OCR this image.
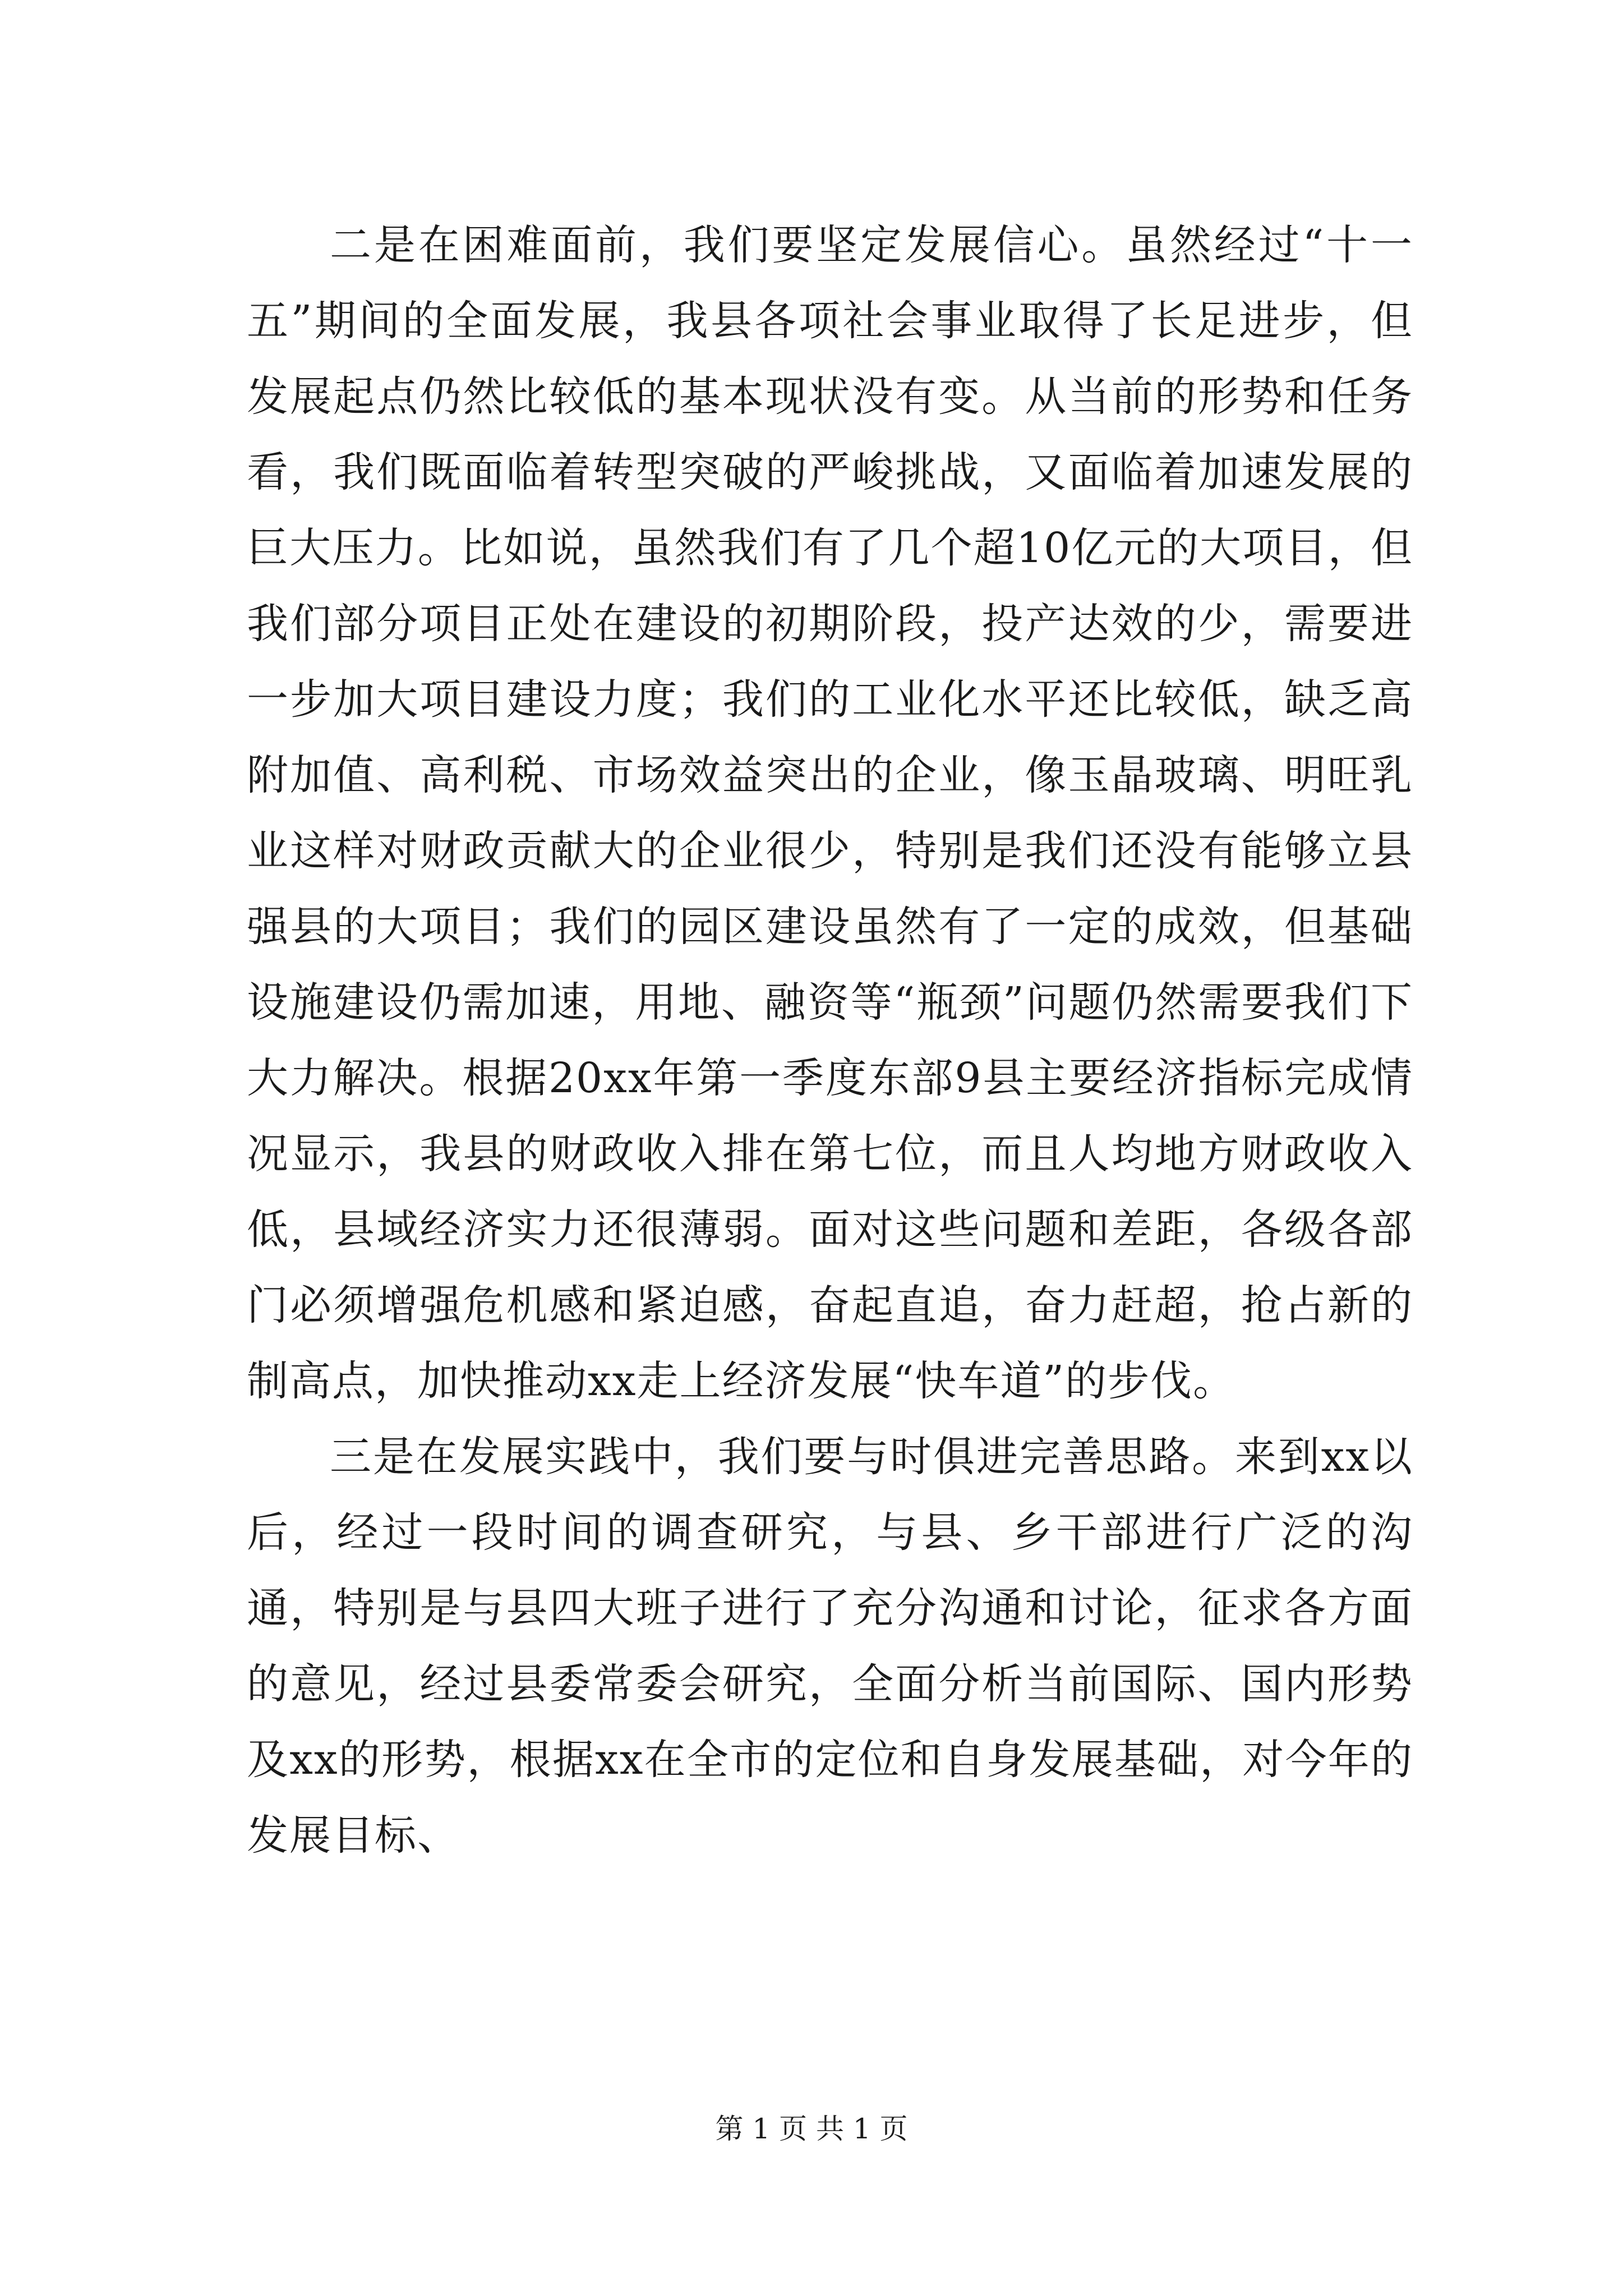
二是在困难面前，我们要坚定发展信心。虽然经过“十一五”期间的全面发展，我县各项社会事业取得了长足进步，但发展起点仍然比较低的基本现状没有变。从当前的形势和任务看，我们既面临着转型突破的严峻挑战，又面临着加速发展的巨大压力。比如说，虽然我们有了几个超10亿元的大项目，但我们部分项目正处在建设的初期阶段，投产达效的少，需要进一步加大项目建设力度；我们的工业化水平还比较低，缺乏高附加值、高利税、市场效益突出的企业，像玉晶玻璃、明旺乳业这样对财政贡献大的企业很少，特别是我们还没有能够立县强县的大项目；我们的园区建设虽然有了一定的成效，但基础设施建设仍需加速，用地、融资等“瓶颈”问题仍然需要我们下大力解决。根据20xx年第一季度东部9县主要经济指标完成情况显示，我县的财政收入排在第七位，而且人均地方财政收入低，县域经济实力还很薄弱。面对这些问题和差距，各级各部门必须增强危机感和紧迫感，奋起直追，奋力赶超，抢占新的制高点，加快推动xx走上经济发展“快车道”的步伐。

三是在发展实践中，我们要与时俱进完善思路。来到xx以后，经过一段时间的调查研究，与县、乡干部进行广泛的沟通，特别是与县四大班子进行了充分沟通和讨论，征求各方面的意见，经过县委常委会研究，全面分析当前国际、国内形势及xx的形势，根据xx在全市的定位和自身发展基础，对今年的发展目标、

第 1 页 共 1 页
